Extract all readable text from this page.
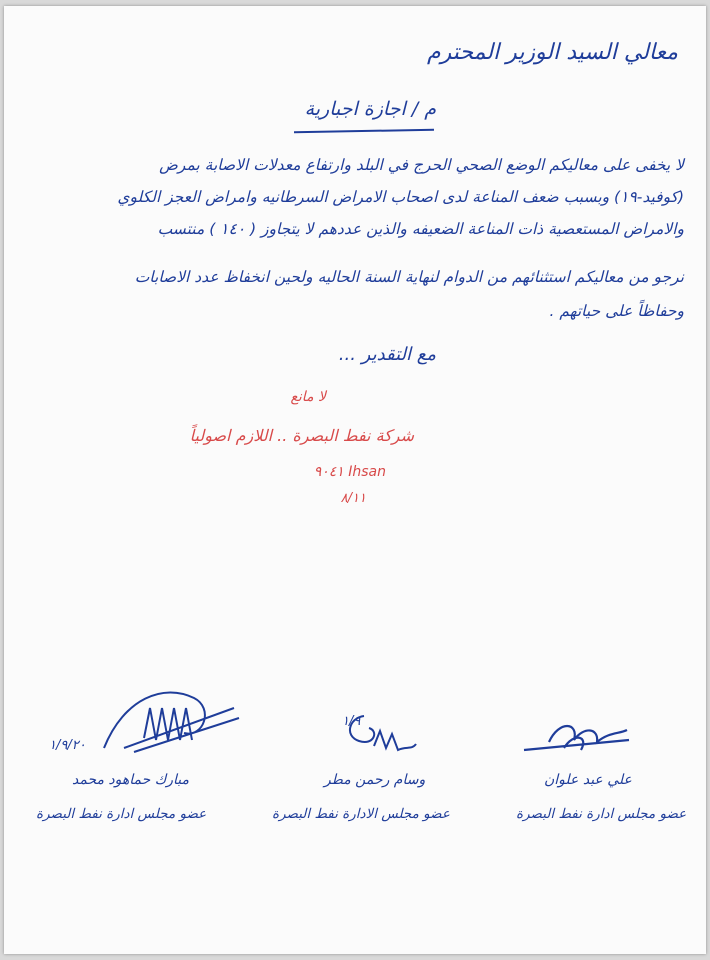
معالي السيد الوزير المحترم
م / اجازة اجبارية
لا يخفى على معاليكم الوضع الصحي الحرج في البلد وارتفاع معدلات الاصابة بمرض
(كوفيد-١٩) وبسبب ضعف المناعة لدى اصحاب الامراض السرطانيه وامراض العجز الكلوي
والامراض المستعصية ذات المناعة الضعيفه والذين عددهم لا يتجاوز ( ١٤٠ ) منتسب
نرجو من معاليكم استثنائهم من الدوام لنهاية السنة الحاليه ولحين انخفاظ عدد الاصابات
وحفاظاً على حياتهم .
مع التقدير ...
لا مانع
شركة نفط البصرة .. اللازم اصولياً
Ihsan ٩٠٤١
٨/١١
١/٩/٢٠
مبارك حماهود محمد
عضو مجلس ادارة نفط البصرة
١/٩
وسام رحمن مطر
عضو مجلس الادارة نفط البصرة
علي عبد علوان
عضو مجلس ادارة نفط البصرة
